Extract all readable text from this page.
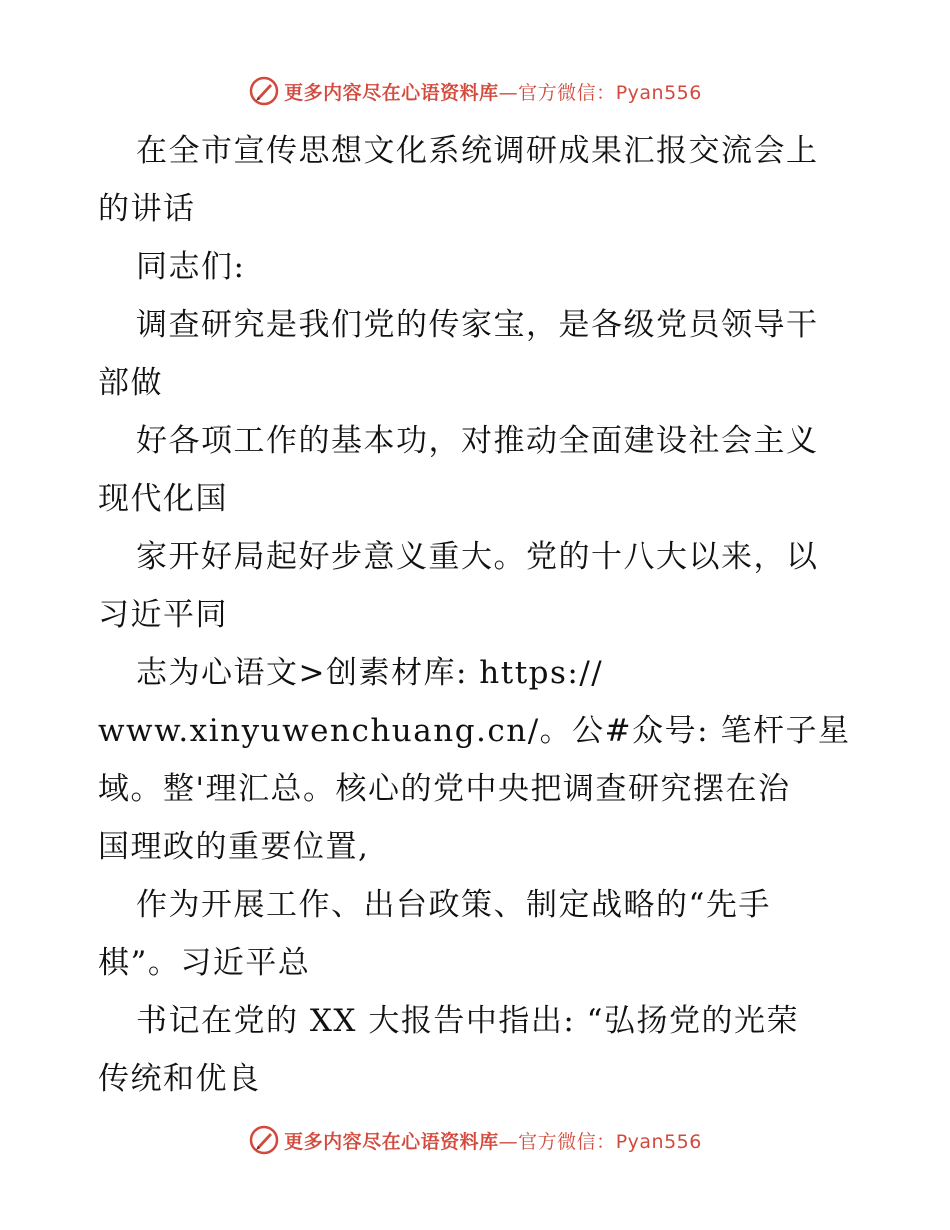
更多内容尽在心语资料库—官方微信：Pyan556
在全市宣传思想文化系统调研成果汇报交流会上
的讲话
同志们:
调查研究是我们党的传家宝，是各级党员领导干
部做
好各项工作的基本功，对推动全面建设社会主义
现代化国
家开好局起好步意义重大。党的十八大以来，以
习近平同
志为心语文>创素材库: https://
www.xinyuwenchuang.cn/。公#众号: 笔杆子星
域。整'理汇总。核心的党中央把调查研究摆在治
国理政的重要位置,
作为开展工作、出台政策、制定战略的“先手
棋”。习近平总
书记在党的 XX 大报告中指出: “弘扬党的光荣
传统和优良
更多内容尽在心语资料库—官方微信：Pyan556
